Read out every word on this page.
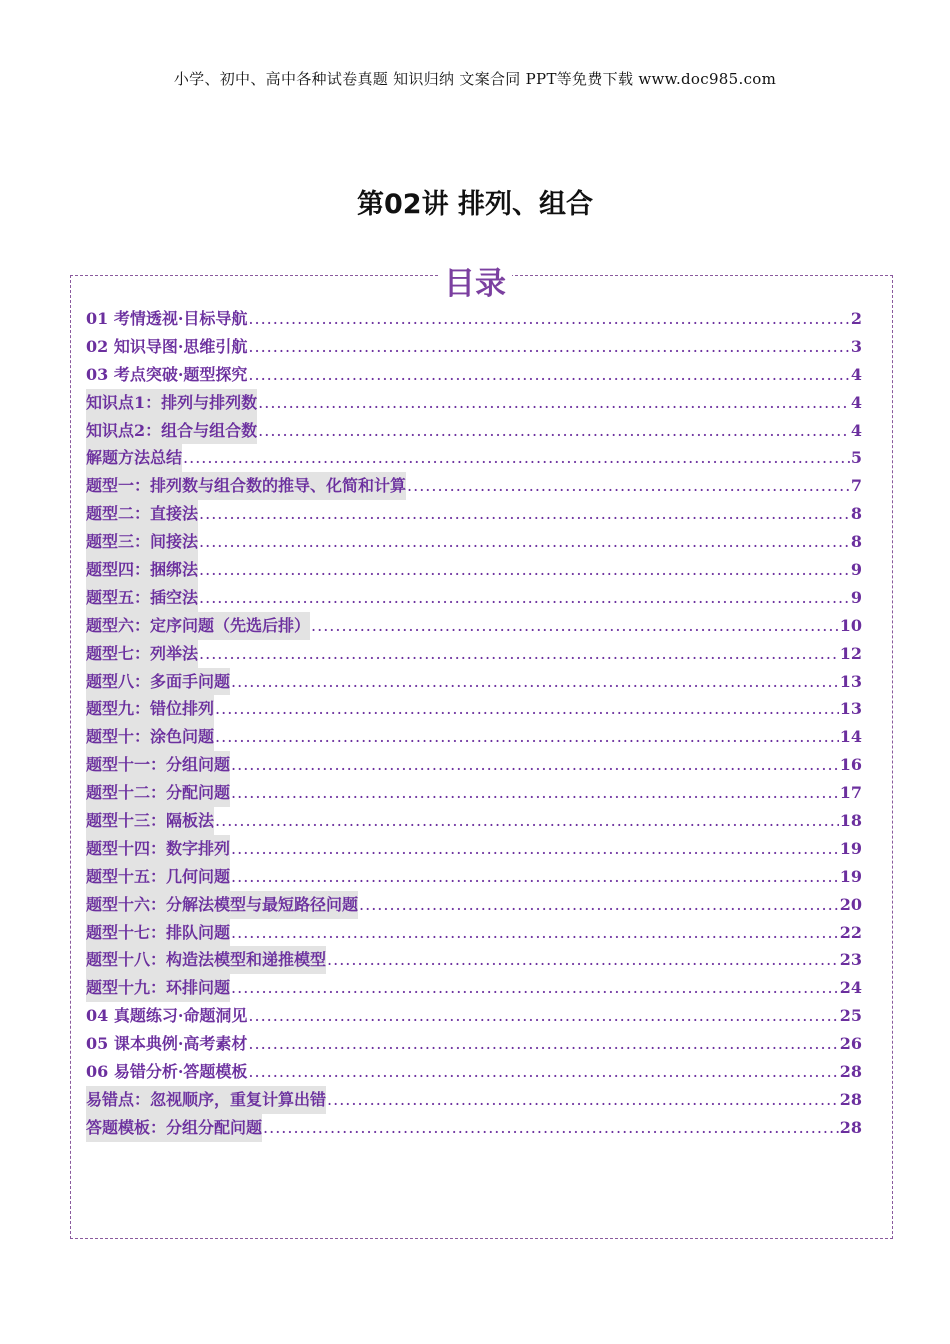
小学、初中、高中各种试卷真题 知识归纳 文案合同 PPT等免费下载 www.doc985.com
第02讲 排列、组合
目录
01 考情透视·目标导航 .....	2
02 知识导图·思维引航 .....	3
03 考点突破·题型探究 .....	4
知识点1：排列与排列数 .....	4
知识点2：组合与组合数 .....	4
解题方法总结 .....	5
题型一：排列数与组合数的推导、化简和计算 .....	7
题型二：直接法 .....	8
题型三：间接法 .....	8
题型四：捆绑法 .....	9
题型五：插空法 .....	9
题型六：定序问题（先选后排） .....	10
题型七：列举法 .....	12
题型八：多面手问题 .....	13
题型九：错位排列 .....	13
题型十：涂色问题 .....	14
题型十一：分组问题 .....	16
题型十二：分配问题 .....	17
题型十三：隔板法 .....	18
题型十四：数字排列 .....	19
题型十五：几何问题 .....	19
题型十六：分解法模型与最短路径问题 .....	20
题型十七：排队问题 .....	22
题型十八：构造法模型和递推模型 .....	23
题型十九：环排问题 .....	24
04 真题练习·命题洞见 .....	25
05 课本典例·高考素材 .....	26
06 易错分析·答题模板 .....	28
易错点：忽视顺序，重复计算出错 .....	28
答题模板：分组分配问题 .....	28
